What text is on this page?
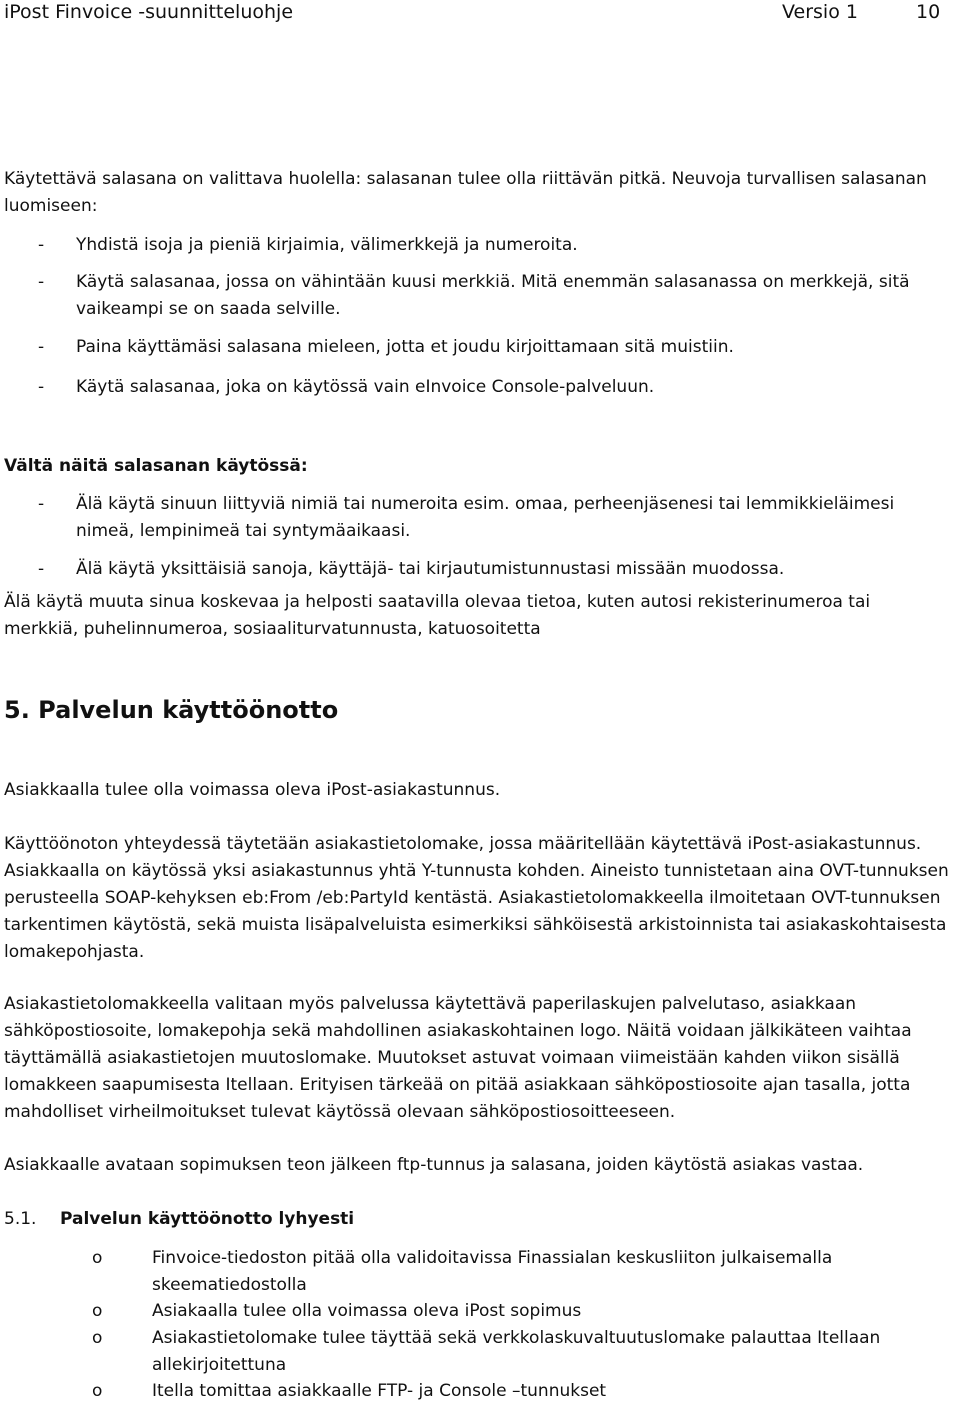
iPost Finvoice -suunnitteluohje	Versio 1	10
Käytettävä salasana on valittava huolella: salasanan tulee olla riittävän pitkä. Neuvoja turvallisen salasanan luomiseen:
- Yhdistä isoja ja pieniä kirjaimia, välimerkkejä ja numeroita.
- Käytä salasanaa, jossa on vähintään kuusi merkkiä. Mitä enemmän salasanassa on merkkejä, sitä vaikeampi se on saada selville.
- Paina käyttämäsi salasana mieleen, jotta et joudu kirjoittamaan sitä muistiin.
- Käytä salasanaa, joka on käytössä vain eInvoice Console-palveluun.
Vältä näitä salasanan käytössä:
- Älä käytä sinuun liittyviä nimiä tai numeroita esim. omaa, perheenjäsenesi tai lemmikkieläimesi nimeä, lempinimeä tai syntymäaikaasi.
- Älä käytä yksittäisiä sanoja, käyttäjä- tai kirjautumistunnustasi missään muodossa.
Älä käytä muuta sinua koskevaa ja helposti saatavilla olevaa tietoa, kuten autosi rekisterinumeroa tai merkkiä, puhelinnumeroa, sosiaaliturvatunnusta, katuosoitetta
5. Palvelun käyttöönotto
Asiakkaalla tulee olla voimassa oleva iPost-asiakastunnus.
Käyttöönoton yhteydessä täytetään asiakastietolomake, jossa määritellään käytettävä iPost-asiakastunnus. Asiakkaalla on käytössä yksi asiakastunnus yhtä Y-tunnusta kohden. Aineisto tunnistetaan aina OVT-tunnuksen perusteella SOAP-kehyksen eb:From /eb:PartyId kentästä. Asiakastietolomakkeella ilmoitetaan OVT-tunnuksen tarkentimen käytöstä, sekä muista lisäpalveluista esimerkiksi sähköisestä arkistoinnista tai asiakaskohtaisesta lomakepohjasta.
Asiakastietolomakkeella valitaan myös palvelussa käytettävä paperilaskujen palvelutaso, asiakkaan sähköpostiosoite, lomakepohja sekä mahdollinen asiakaskohtainen logo. Näitä voidaan jälkikäteen vaihtaa täyttämällä asiakastietojen muutoslomake. Muutokset astuvat voimaan viimeistään kahden viikon sisällä lomakkeen saapumisesta Itellaan. Erityisen tärkeää on pitää asiakkaan sähköpostiosoite ajan tasalla, jotta mahdolliset virheilmoitukset tulevat käytössä olevaan sähköpostiosoitteeseen.
Asiakkaalle avataan sopimuksen teon jälkeen ftp-tunnus ja salasana, joiden käytöstä asiakas vastaa.
5.1. Palvelun käyttöönotto lyhyesti
o	Finvoice-tiedoston pitää olla validoitavissa Finassialan keskusliiton julkaisemalla skeematiedostolla
o	Asiakaalla tulee olla voimassa oleva iPost sopimus
o	Asiakastietolomake tulee täyttää sekä verkkolaskuvaltuutuslomake palauttaa Itellaan allekirjoitettuna
o	Itella tomittaa asiakkaalle FTP- ja Console –tunnukset
